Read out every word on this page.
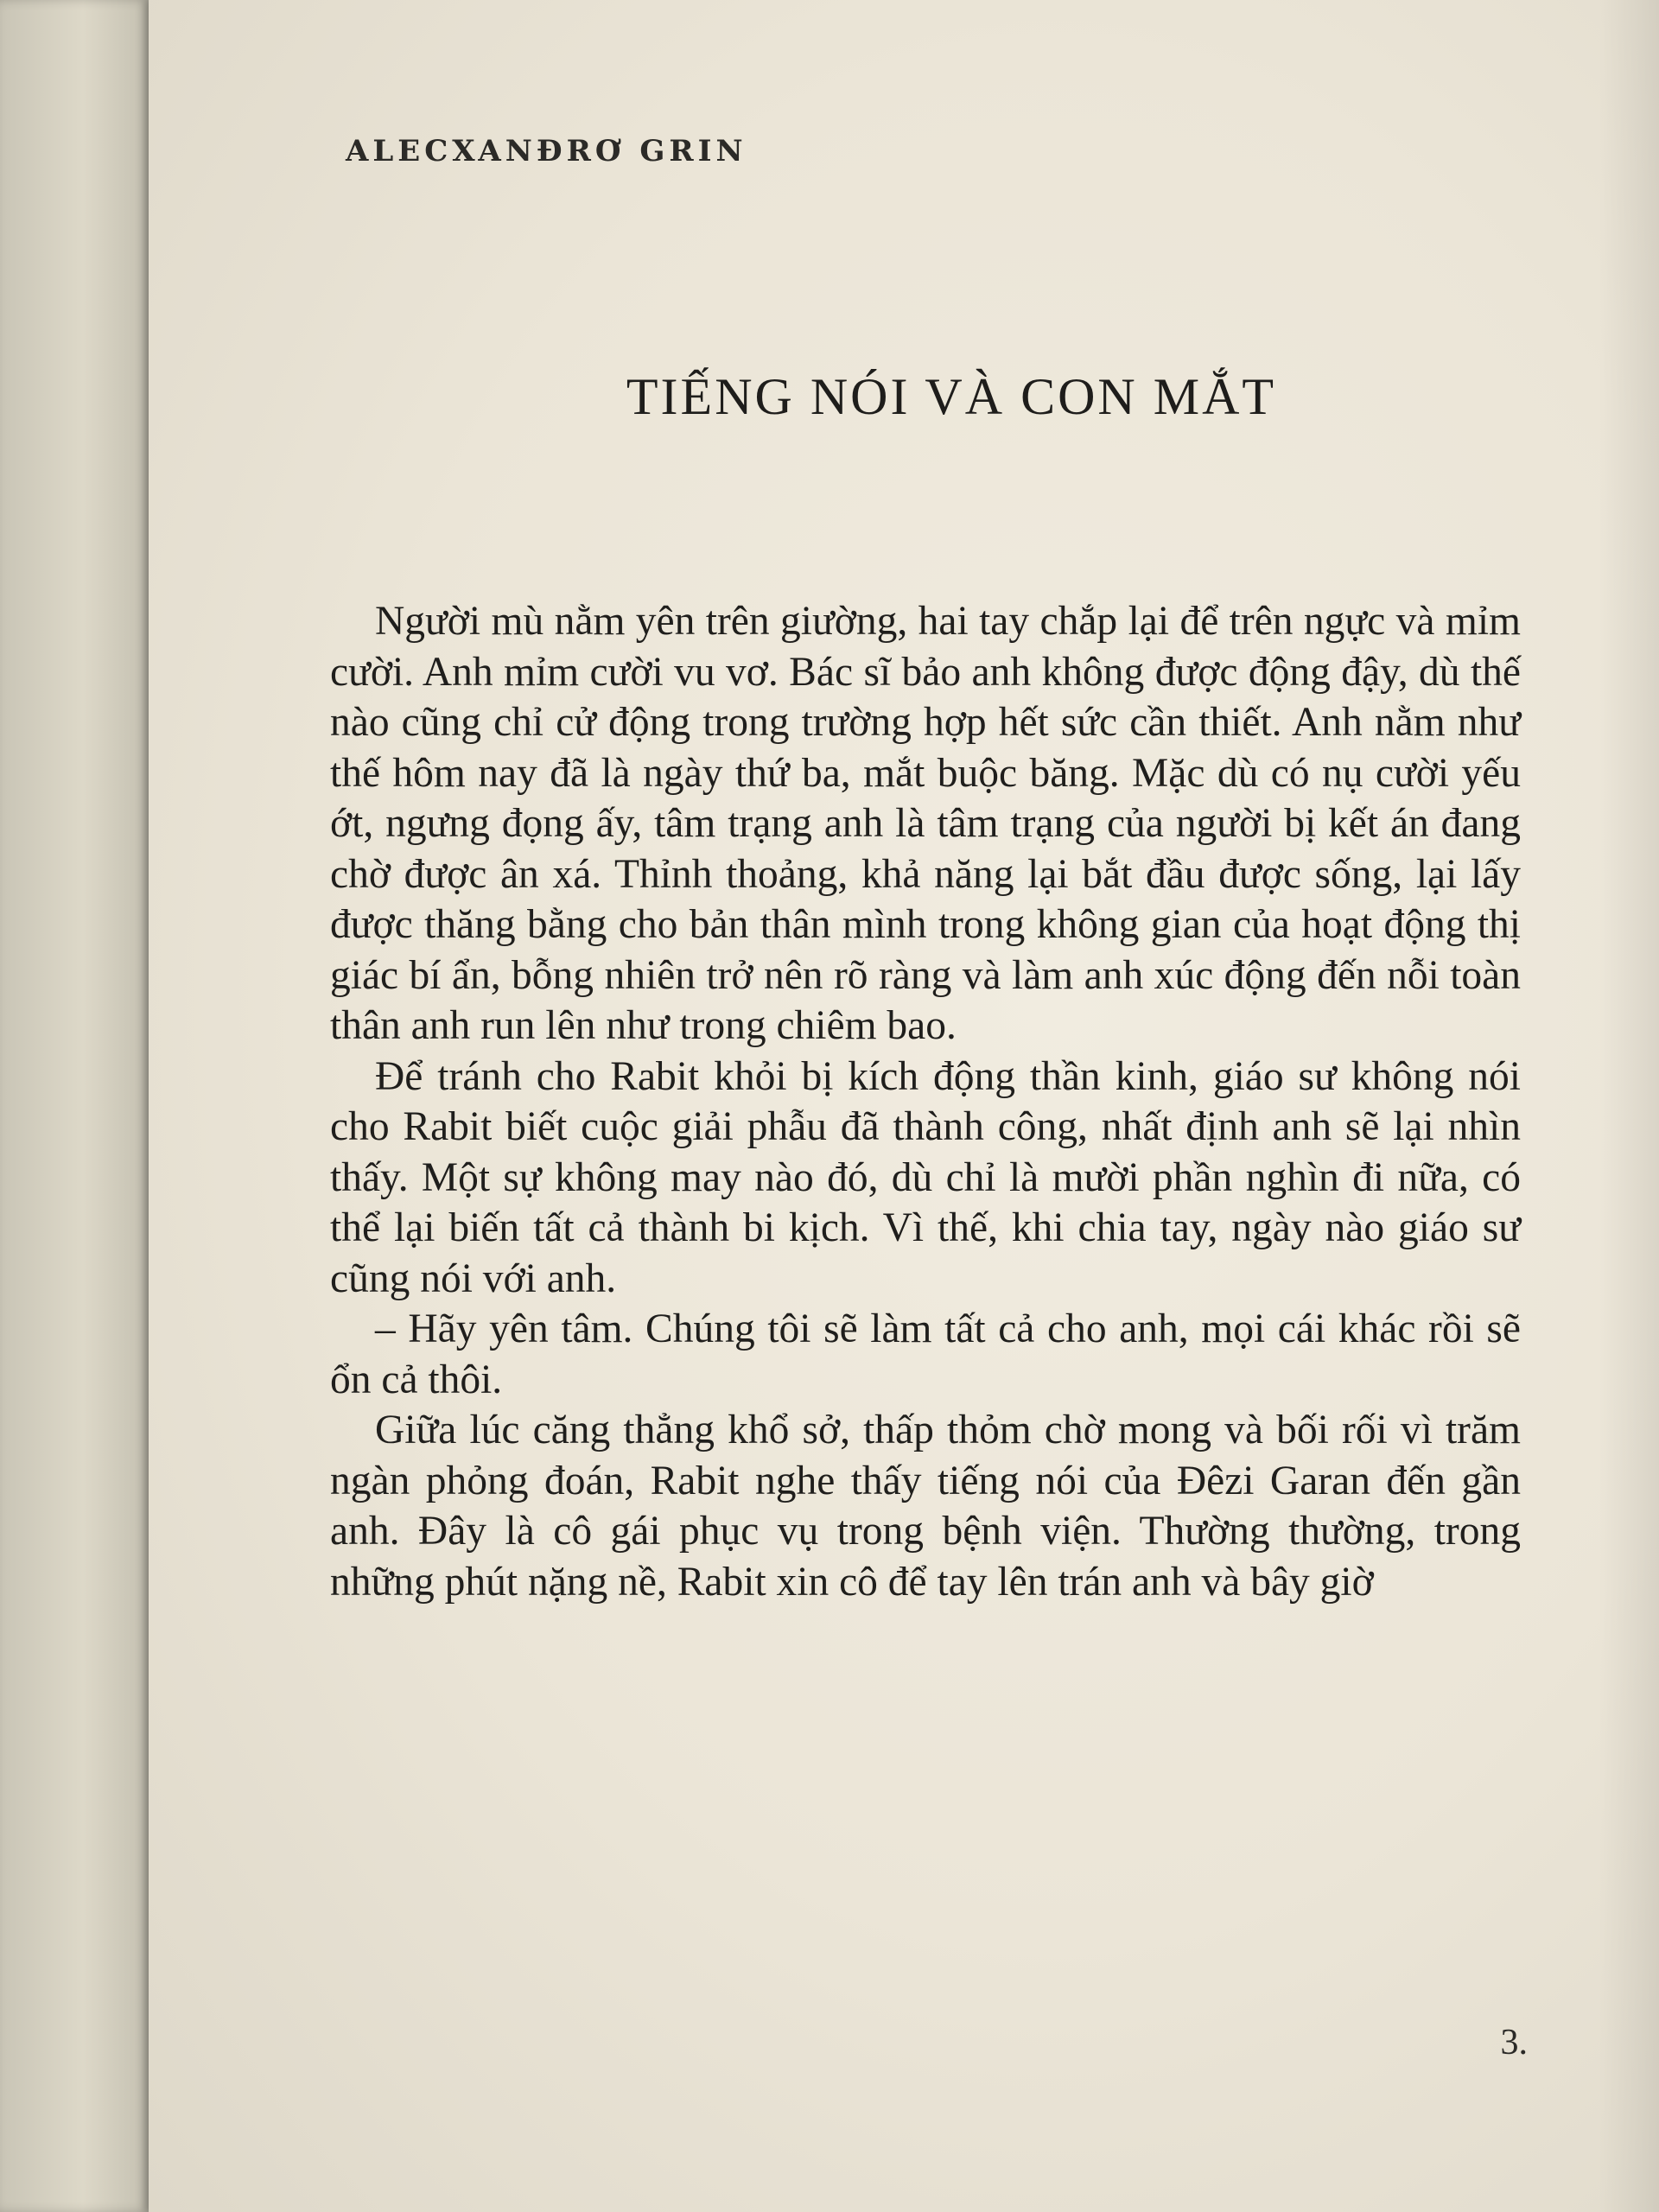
ALECXANĐRƠ GRIN
TIẾNG NÓI VÀ CON MẮT

Người mù nằm yên trên giường, hai tay chắp lại để trên ngực và mỉm cười. Anh mỉm cười vu vơ. Bác sĩ bảo anh không được động đậy, dù thế nào cũng chỉ cử động trong trường hợp hết sức cần thiết. Anh nằm như thế hôm nay đã là ngày thứ ba, mắt buộc băng. Mặc dù có nụ cười yếu ớt, ngưng đọng ấy, tâm trạng anh là tâm trạng của người bị kết án đang chờ được ân xá. Thỉnh thoảng, khả năng lại bắt đầu được sống, lại lấy được thăng bằng cho bản thân mình trong không gian của hoạt động thị giác bí ẩn, bỗng nhiên trở nên rõ ràng và làm anh xúc động đến nỗi toàn thân anh run lên như trong chiêm bao.

Để tránh cho Rabit khỏi bị kích động thần kinh, giáo sư không nói cho Rabit biết cuộc giải phẫu đã thành công, nhất định anh sẽ lại nhìn thấy. Một sự không may nào đó, dù chỉ là mười phần nghìn đi nữa, có thể lại biến tất cả thành bi kịch. Vì thế, khi chia tay, ngày nào giáo sư cũng nói với anh.

– Hãy yên tâm. Chúng tôi sẽ làm tất cả cho anh, mọi cái khác rồi sẽ ổn cả thôi.

Giữa lúc căng thẳng khổ sở, thấp thỏm chờ mong và bối rối vì trăm ngàn phỏng đoán, Rabit nghe thấy tiếng nói của Đêzi Garan đến gần anh. Đây là cô gái phục vụ trong bệnh viện. Thường thường, trong những phút nặng nề, Rabit xin cô để tay lên trán anh và bây giờ

3.
